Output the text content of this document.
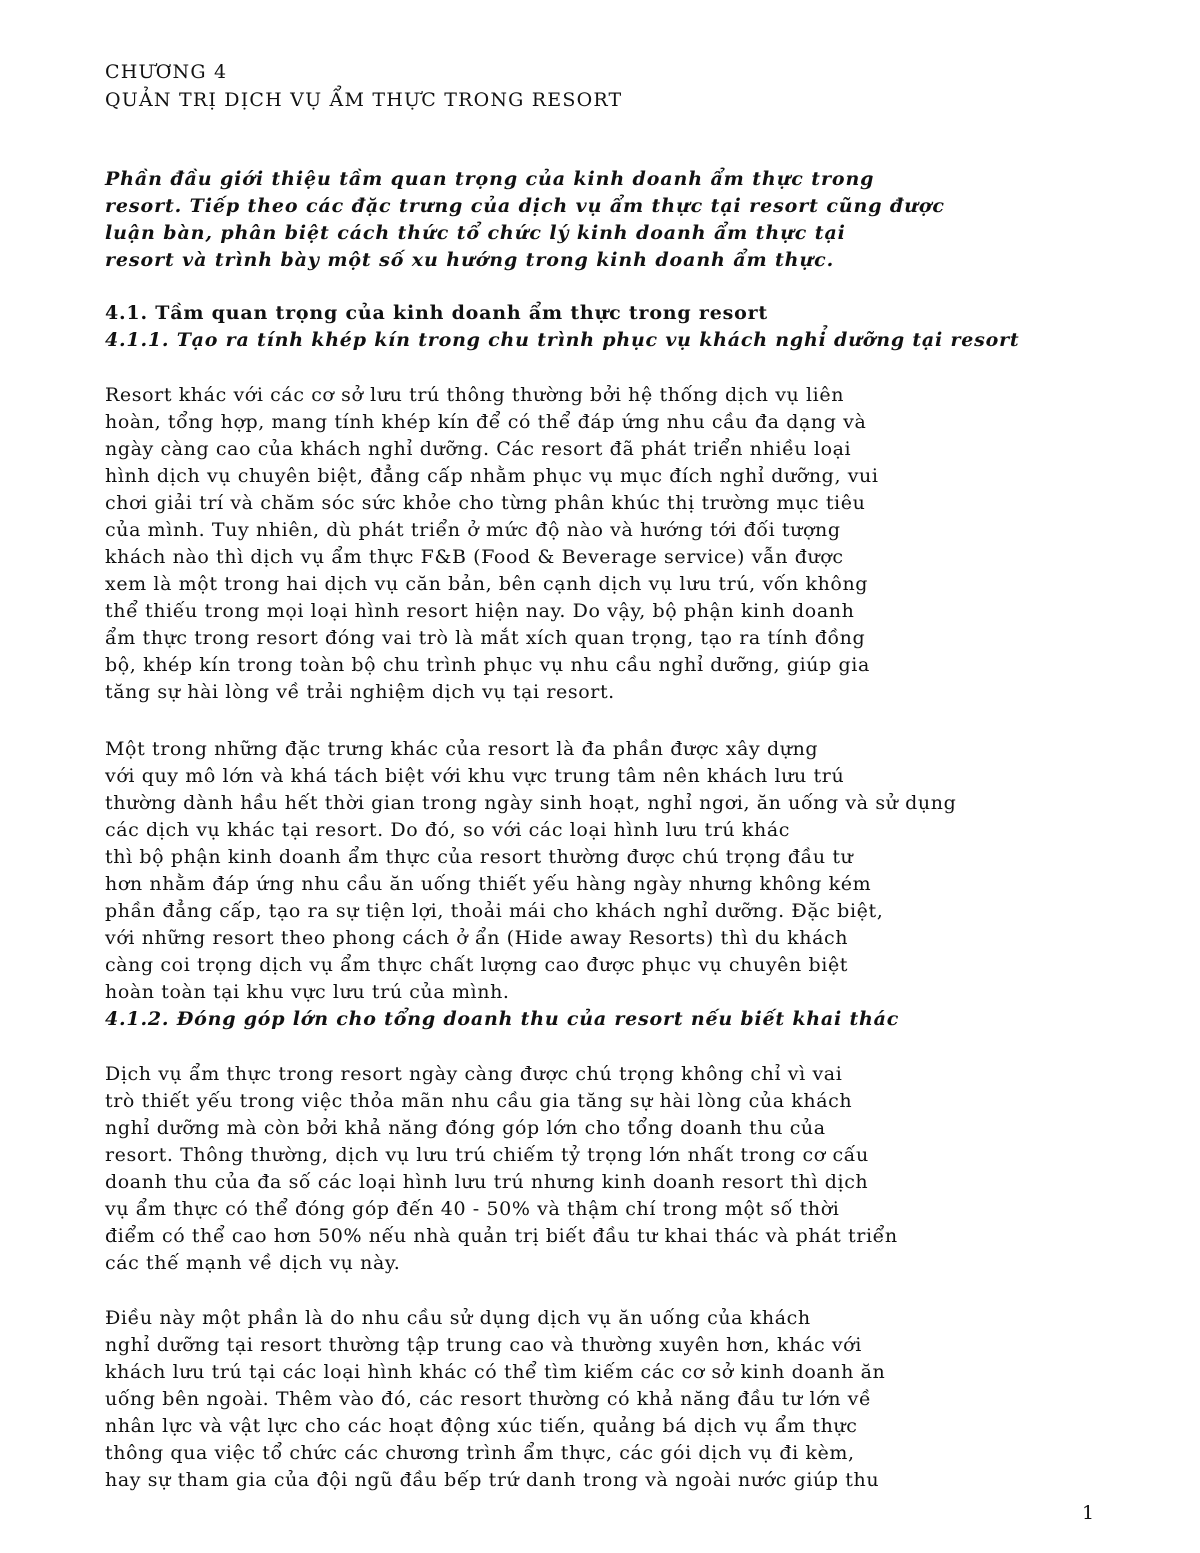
CHƯƠNG 4
QUẢN TRỊ DỊCH VỤ ẨM THỰC TRONG RESORT
Phần đầu giới thiệu tầm quan trọng của kinh doanh ẩm thực trong
resort. Tiếp theo các đặc trưng của dịch vụ ẩm thực tại resort cũng được
luận bàn, phân biệt cách thức tổ chức lý kinh doanh ẩm thực tại
resort và trình bày một số xu hướng trong kinh doanh ẩm thực.
4.1. Tầm quan trọng của kinh doanh ẩm thực trong resort
4.1.1. Tạo ra tính khép kín trong chu trình phục vụ khách nghỉ dưỡng tại resort
Resort khác với các cơ sở lưu trú thông thường bởi hệ thống dịch vụ liên
hoàn, tổng hợp, mang tính khép kín để có thể đáp ứng nhu cầu đa dạng và
ngày càng cao của khách nghỉ dưỡng. Các resort đã phát triển nhiều loại
hình dịch vụ chuyên biệt, đẳng cấp nhằm phục vụ mục đích nghỉ dưỡng, vui
chơi giải trí và chăm sóc sức khỏe cho từng phân khúc thị trường mục tiêu
của mình. Tuy nhiên, dù phát triển ở mức độ nào và hướng tới đối tượng
khách nào thì dịch vụ ẩm thực F&B (Food & Beverage service) vẫn được
xem là một trong hai dịch vụ căn bản, bên cạnh dịch vụ lưu trú, vốn không
thể thiếu trong mọi loại hình resort hiện nay. Do vậy, bộ phận kinh doanh
ẩm thực trong resort đóng vai trò là mắt xích quan trọng, tạo ra tính đồng
bộ, khép kín trong toàn bộ chu trình phục vụ nhu cầu nghỉ dưỡng, giúp gia
tăng sự hài lòng về trải nghiệm dịch vụ tại resort.
Một trong những đặc trưng khác của resort là đa phần được xây dựng
với quy mô lớn và khá tách biệt với khu vực trung tâm nên khách lưu trú
thường dành hầu hết thời gian trong ngày sinh hoạt, nghỉ ngơi, ăn uống và sử dụng
các dịch vụ khác tại resort. Do đó, so với các loại hình lưu trú khác
thì bộ phận kinh doanh ẩm thực của resort thường được chú trọng đầu tư
hơn nhằm đáp ứng nhu cầu ăn uống thiết yếu hàng ngày nhưng không kém
phần đẳng cấp, tạo ra sự tiện lợi, thoải mái cho khách nghỉ dưỡng. Đặc biệt,
với những resort theo phong cách ở ẩn (Hide away Resorts) thì du khách
càng coi trọng dịch vụ ẩm thực chất lượng cao được phục vụ chuyên biệt
hoàn toàn tại khu vực lưu trú của mình.
4.1.2. Đóng góp lớn cho tổng doanh thu của resort nếu biết khai thác
Dịch vụ ẩm thực trong resort ngày càng được chú trọng không chỉ vì vai
trò thiết yếu trong việc thỏa mãn nhu cầu gia tăng sự hài lòng của khách
nghỉ dưỡng mà còn bởi khả năng đóng góp lớn cho tổng doanh thu của
resort. Thông thường, dịch vụ lưu trú chiếm tỷ trọng lớn nhất trong cơ cấu
doanh thu của đa số các loại hình lưu trú nhưng kinh doanh resort thì dịch
vụ ẩm thực có thể đóng góp đến 40 - 50% và thậm chí trong một số thời
điểm có thể cao hơn 50% nếu nhà quản trị biết đầu tư khai thác và phát triển
các thế mạnh về dịch vụ này.
Điều này một phần là do nhu cầu sử dụng dịch vụ ăn uống của khách
nghỉ dưỡng tại resort thường tập trung cao và thường xuyên hơn, khác với
khách lưu trú tại các loại hình khác có thể tìm kiếm các cơ sở kinh doanh ăn
uống bên ngoài. Thêm vào đó, các resort thường có khả năng đầu tư lớn về
nhân lực và vật lực cho các hoạt động xúc tiến, quảng bá dịch vụ ẩm thực
thông qua việc tổ chức các chương trình ẩm thực, các gói dịch vụ đi kèm,
hay sự tham gia của đội ngũ đầu bếp trứ danh trong và ngoài nước giúp thu
1
